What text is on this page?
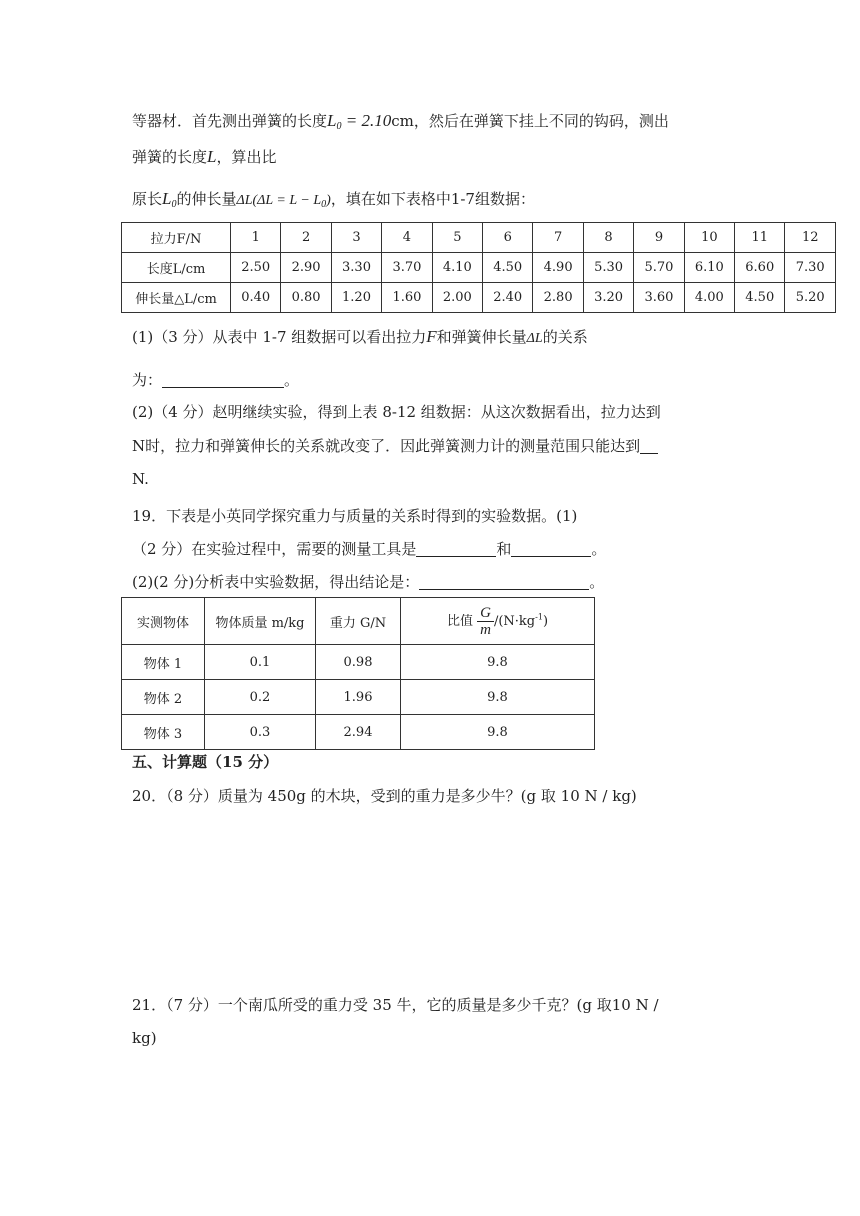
等器材．首先测出弹簧的长度$L_0 = 2.10cm$，然后在弹簧下挂上不同的钩码，测出
弹簧的长度L，算出比
原长$L_0$的伸长量$\Delta L(\Delta L = L - L_0)$，填在如下表格中1-7组数据：
拉力F/N	1	2	3	4	5	6	7	8	9	10	11	12
长度L/cm	2.50	2.90	3.30	3.70	4.10	4.50	4.90	5.30	5.70	6.10	6.60	7.30
伸长量△L/cm	0.40	0.80	1.20	1.60	2.00	2.40	2.80	3.20	3.60	4.00	4.50	5.20
(1)（3 分）从表中 1-7 组数据可以看出拉力F和弹簧伸长量ΔL的关系
为：	。
(2)（4 分）赵明继续实验，得到上表 8-12 组数据：从这次数据看出，拉力达到
N时，拉力和弹簧伸长的关系就改变了．因此弹簧测力计的测量范围只能达到
N.
19．下表是小英同学探究重力与质量的关系时得到的实验数据。(1)
（2 分）在实验过程中，需要的测量工具是	和	。
(2)(2 分)分析表中实验数据，得出结论是：	。
实测物体	物体质量 m/kg	重力 G/N	比值 $\frac{G}{m} /(N\cdot kg^{-1})$
物体 1	0.1	0.98	9.8
物体 2	0.2	1.96	9.8
物体 3	0.3	2.94	9.8
五、计算题（15 分）
20．（8 分）质量为 450g 的木块，受到的重力是多少牛？(g 取 10 N / kg)
21．（7 分）一个南瓜所受的重力受 35 牛，它的质量是多少千克？(g 取10 N /
kg)
